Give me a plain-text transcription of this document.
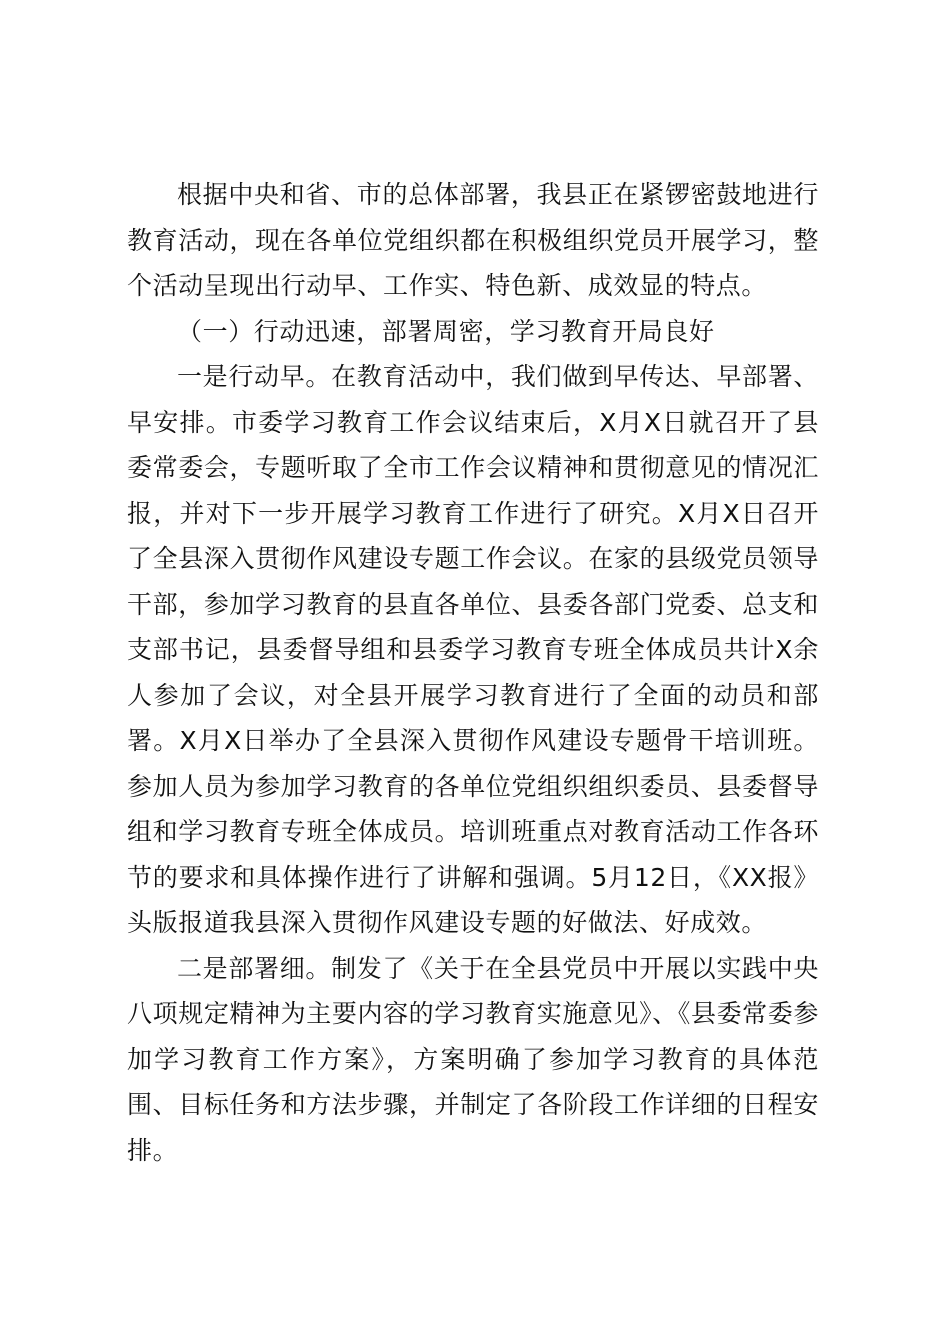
根据中央和省、市的总体部署，我县正在紧锣密鼓地进行教育活动，现在各单位党组织都在积极组织党员开展学习，整个活动呈现出行动早、工作实、特色新、成效显的特点。

（一）行动迅速，部署周密，学习教育开局良好

一是行动早。在教育活动中，我们做到早传达、早部署、早安排。市委学习教育工作会议结束后，X月X日就召开了县委常委会，专题听取了全市工作会议精神和贯彻意见的情况汇报，并对下一步开展学习教育工作进行了研究。X月X日召开了全县深入贯彻作风建设专题工作会议。在家的县级党员领导干部，参加学习教育的县直各单位、县委各部门党委、总支和支部书记，县委督导组和县委学习教育专班全体成员共计X余人参加了会议，对全县开展学习教育进行了全面的动员和部署。X月X日举办了全县深入贯彻作风建设专题骨干培训班。参加人员为参加学习教育的各单位党组织组织委员、县委督导组和学习教育专班全体成员。培训班重点对教育活动工作各环节的要求和具体操作进行了讲解和强调。5月12日，《XX报》头版报道我县深入贯彻作风建设专题的好做法、好成效。

二是部署细。制发了《关于在全县党员中开展以实践中央八项规定精神为主要内容的学习教育实施意见》、《县委常委参加学习教育工作方案》，方案明确了参加学习教育的具体范围、目标任务和方法步骤，并制定了各阶段工作详细的日程安排。
